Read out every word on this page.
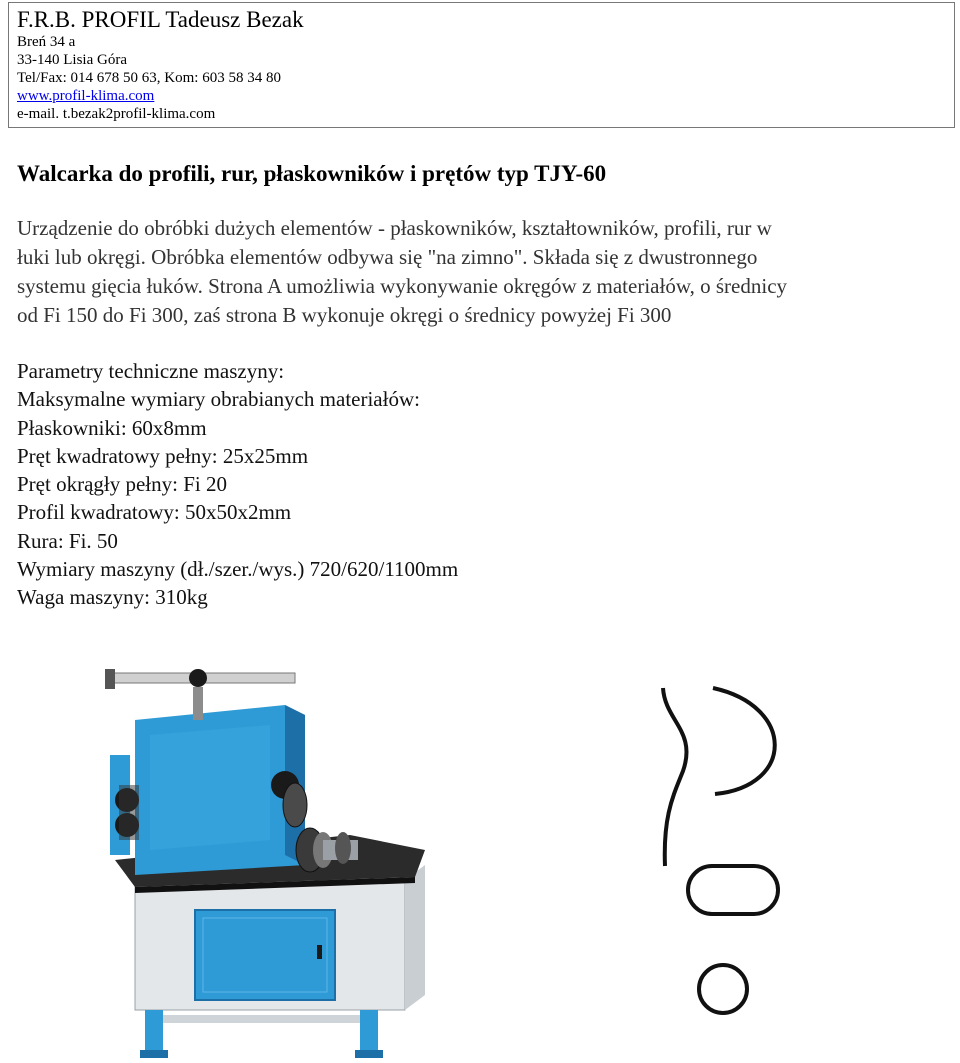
F.R.B. PROFIL Tadeusz Bezak
Breń 34 a
33-140 Lisia Góra
Tel/Fax: 014 678 50 63, Kom: 603 58 34 80
www.profil-klima.com
e-mail. t.bezak2profil-klima.com
Walcarka do profili, rur, płaskowników i prętów typ TJY-60

Urządzenie do obróbki dużych elementów - płaskowników, kształtowników, profili, rur w
łuki lub okręgi. Obróbka elementów odbywa się "na zimno". Składa się z dwustronnego
systemu gięcia łuków. Strona A umożliwia wykonywanie okręgów z materiałów, o średnicy
od Fi 150 do Fi 300, zaś strona B wykonuje okręgi o średnicy powyżej Fi 300

Parametry techniczne maszyny:
Maksymalne wymiary obrabianych materiałów:
Płaskowniki: 60x8mm
Pręt kwadratowy pełny: 25x25mm
Pręt okrągły pełny: Fi 20
Profil kwadratowy: 50x50x2mm
Rura: Fi. 50
Wymiary maszyny (dł./szer./wys.) 720/620/1100mm
Waga maszyny: 310kg
